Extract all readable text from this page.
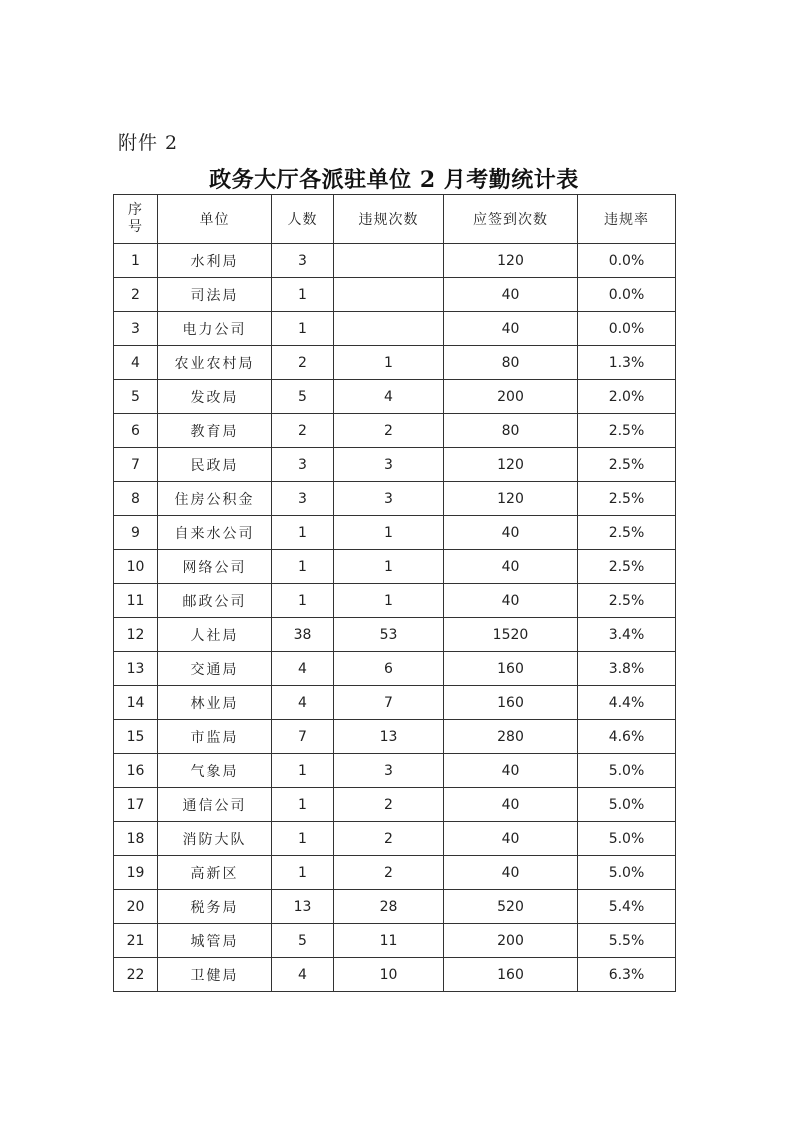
附件 2
政务大厅各派驻单位 2 月考勤统计表
序
号	单位	人数	违规次数	应签到次数	违规率
1	水利局	3		120	0.0%
2	司法局	1		40	0.0%
3	电力公司	1		40	0.0%
4	农业农村局	2	1	80	1.3%
5	发改局	5	4	200	2.0%
6	教育局	2	2	80	2.5%
7	民政局	3	3	120	2.5%
8	住房公积金	3	3	120	2.5%
9	自来水公司	1	1	40	2.5%
10	网络公司	1	1	40	2.5%
11	邮政公司	1	1	40	2.5%
12	人社局	38	53	1520	3.4%
13	交通局	4	6	160	3.8%
14	林业局	4	7	160	4.4%
15	市监局	7	13	280	4.6%
16	气象局	1	3	40	5.0%
17	通信公司	1	2	40	5.0%
18	消防大队	1	2	40	5.0%
19	高新区	1	2	40	5.0%
20	税务局	13	28	520	5.4%
21	城管局	5	11	200	5.5%
22	卫健局	4	10	160	6.3%
